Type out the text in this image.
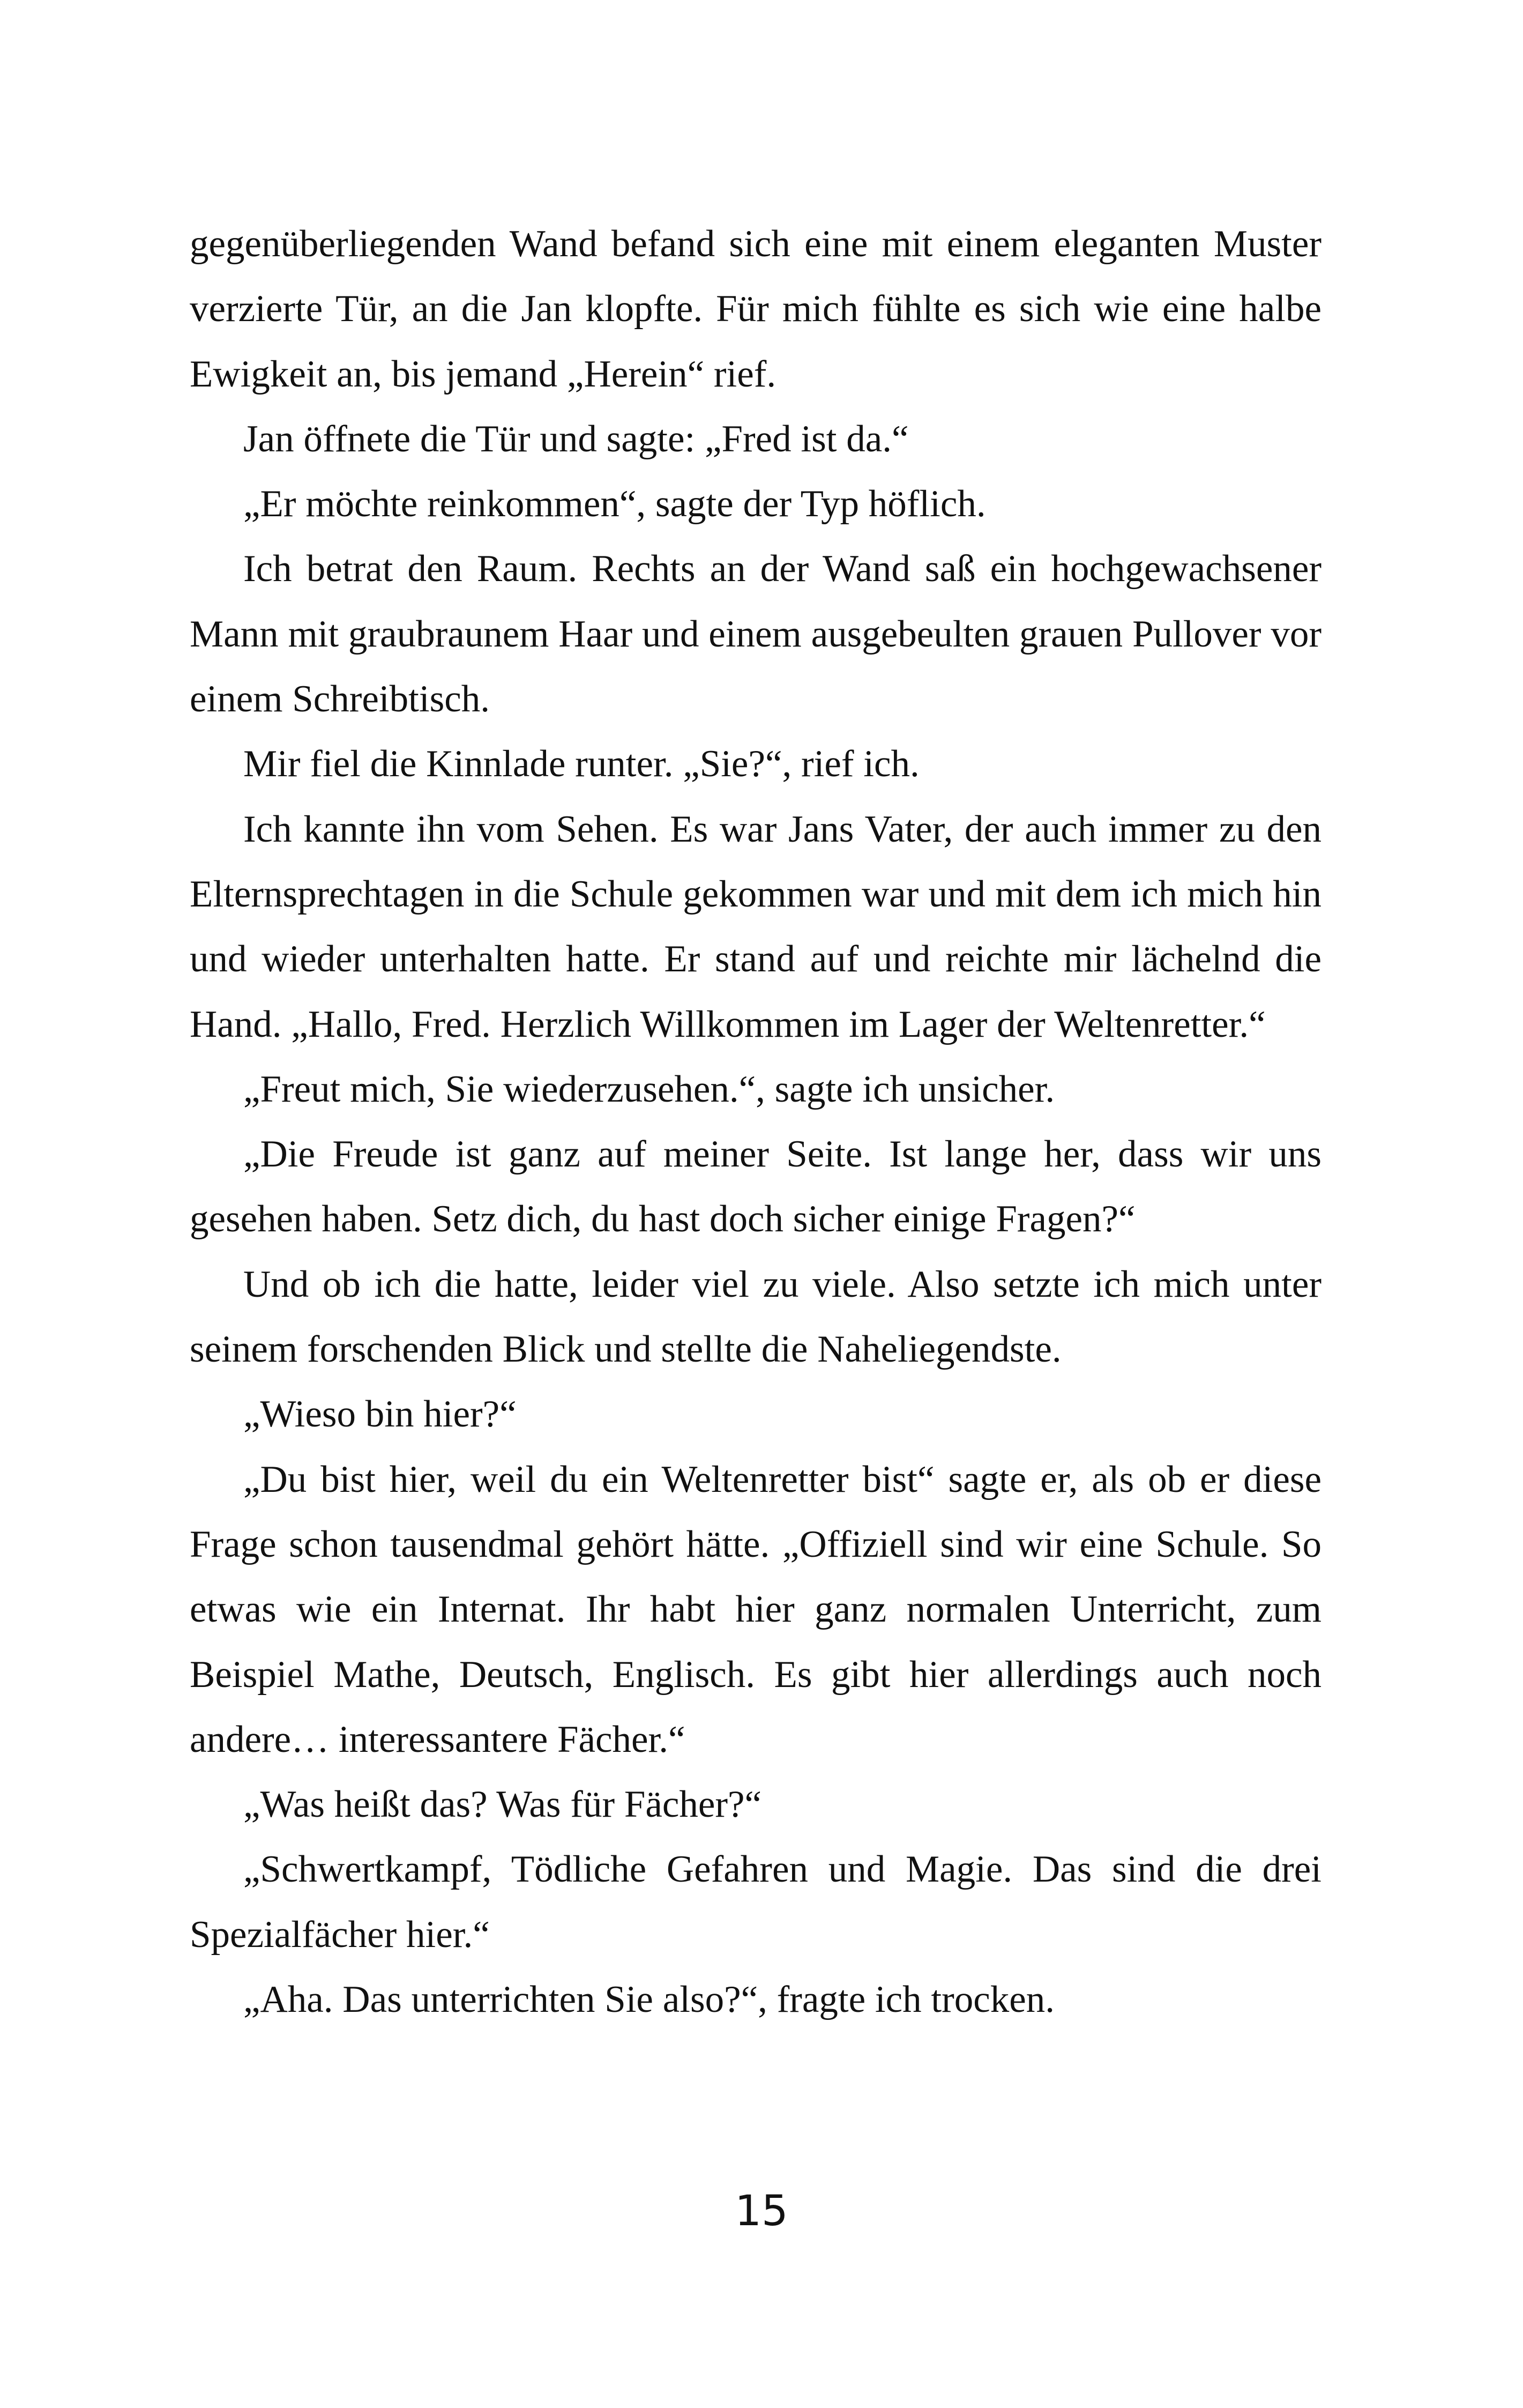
gegenüberliegenden Wand befand sich eine mit einem eleganten Muster verzierte Tür, an die Jan klopfte. Für mich fühlte es sich wie eine halbe Ewigkeit an, bis jemand „Herein“ rief.

Jan öffnete die Tür und sagte: „Fred ist da.“

„Er möchte reinkommen“, sagte der Typ höflich.

Ich betrat den Raum. Rechts an der Wand saß ein hochgewachsener Mann mit graubraunem Haar und einem ausgebeulten grauen Pullover vor einem Schreibtisch.

Mir fiel die Kinnlade runter. „Sie?“, rief ich.

Ich kannte ihn vom Sehen. Es war Jans Vater, der auch immer zu den Elternsprechtagen in die Schule gekommen war und mit dem ich mich hin und wieder unterhalten hatte. Er stand auf und reichte mir lächelnd die Hand. „Hallo, Fred. Herzlich Willkommen im Lager der Weltenretter.“

„Freut mich, Sie wiederzusehen.“, sagte ich unsicher.

„Die Freude ist ganz auf meiner Seite. Ist lange her, dass wir uns gesehen haben. Setz dich, du hast doch sicher einige Fragen?“

Und ob ich die hatte, leider viel zu viele. Also setzte ich mich unter seinem forschenden Blick und stellte die Naheliegendste.

„Wieso bin hier?“

„Du bist hier, weil du ein Weltenretter bist“ sagte er, als ob er diese Frage schon tausendmal gehört hätte. „Offiziell sind wir eine Schule. So etwas wie ein Internat. Ihr habt hier ganz normalen Unterricht, zum Beispiel Mathe, Deutsch, Englisch. Es gibt hier allerdings auch noch andere… interessantere Fächer.“

„Was heißt das? Was für Fächer?“

„Schwertkampf, Tödliche Gefahren und Magie. Das sind die drei Spezialfächer hier.“

„Aha. Das unterrichten Sie also?“, fragte ich trocken.

15
